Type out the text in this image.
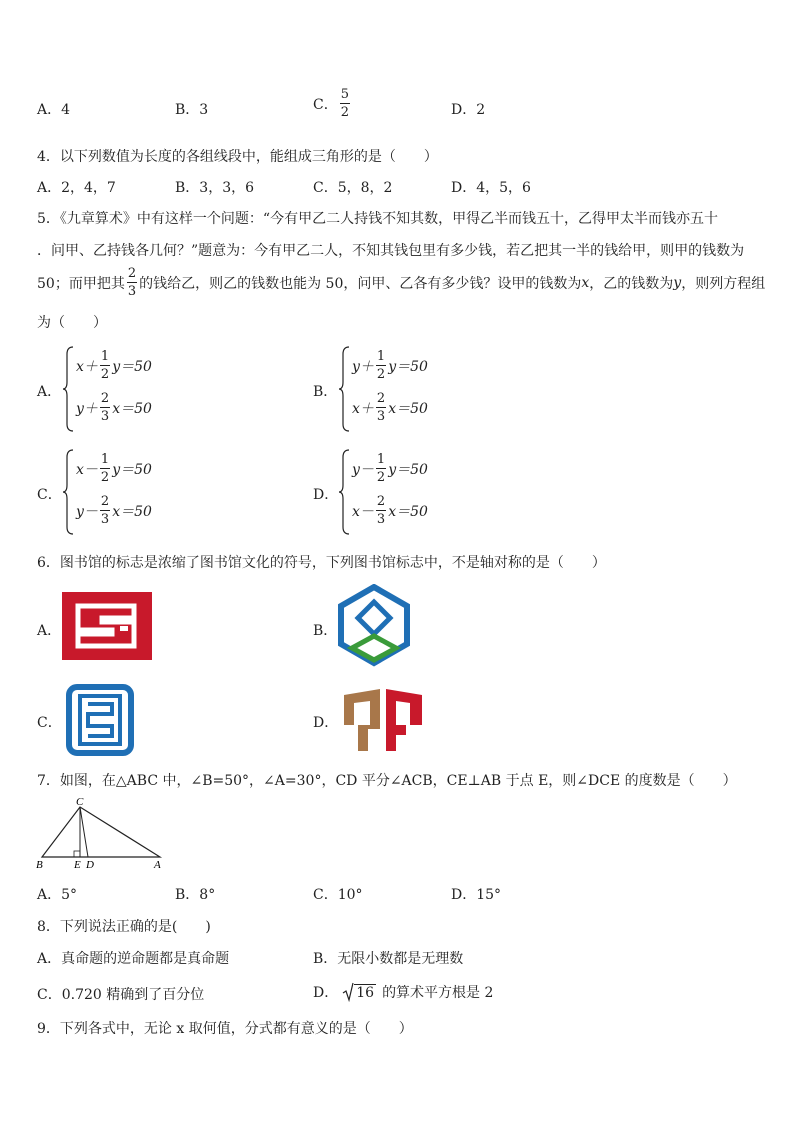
A．4	B．3	C． $\frac{5}{2}$	D．2
4．以下列数值为长度的各组线段中，能组成三角形的是（　　）
A．2，4，7	B．3，3，6	C．5，8，2	D．4，5，6
5．《九章算术》中有这样一个问题：“今有甲乙二人持钱不知其数，甲得乙半而钱五十，乙得甲太半而钱亦五十
．问甲、乙持钱各几何？”题意为：今有甲乙二人，不知其钱包里有多少钱，若乙把其一半的钱给甲，则甲的钱数为
50；而甲把其 $\frac{2}{3}$ 的钱给乙，则乙的钱数也能为 50，问甲、乙各有多少钱？设甲的钱数为 x ，乙的钱数为 y ，则列方程组
为（　　）
A．
$x+ \frac{1}{2} y=50$
$y+ \frac{2}{3} x=50$
B．
$y+ \frac{1}{2} y=50$
$x+ \frac{2}{3} x=50$
C．
$x- \frac{1}{2} y=50$
$y- \frac{2}{3} x=50$
D．
$y- \frac{1}{2} y=50$
$x- \frac{2}{3} x=50$
6．图书馆的标志是浓缩了图书馆文化的符号，下列图书馆标志中，不是轴对称的是（　　）
A．	B．
C．	D．
7．如图，在△ABC 中，∠B=50°，∠A=30°，CD 平分∠ACB，CE⊥AB 于点 E，则∠DCE 的度数是（　　）
C
B	E D	A
A．5°	B．8°	C．10°	D．15°
8．下列说法正确的是(　　)
A．真命题的逆命题都是真命题	B．无限小数都是无理数
C．0.720 精确到了百分位	D． 16 的算术平方根是 2
9．下列各式中，无论 x 取何值，分式都有意义的是（　　）
